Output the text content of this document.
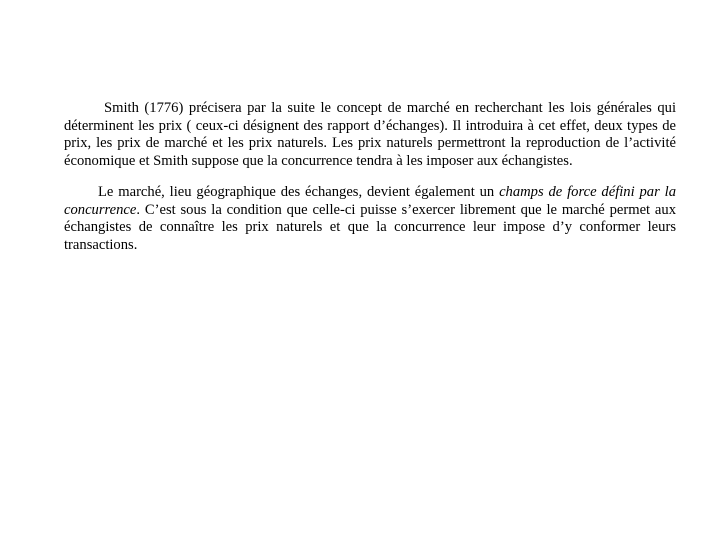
Smith (1776) précisera par la suite le concept de marché en recherchant les lois générales qui déterminent les prix ( ceux-ci désignent des rapport d’échanges). Il introduira à cet effet, deux types de prix, les prix de marché et les prix naturels. Les prix naturels permettront la reproduction de l’activité économique et Smith suppose que la concurrence tendra à les imposer aux échangistes.

Le marché, lieu géographique des échanges, devient également un champs de force défini par la concurrence. C’est sous la condition que celle-ci puisse s’exercer librement que le marché permet aux échangistes de connaître les prix naturels et que la concurrence leur impose d’y conformer leurs transactions.
